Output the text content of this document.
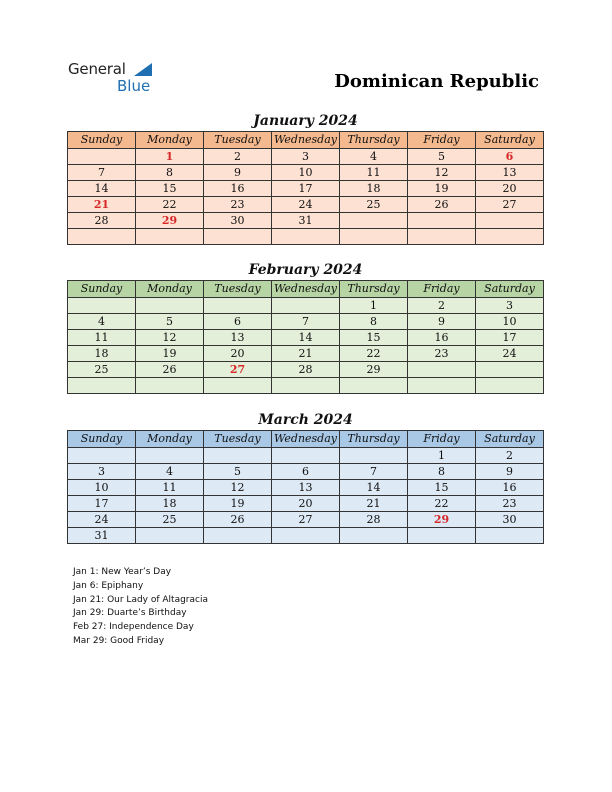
General
Blue	Dominican Republic
January 2024
Sunday	Monday	Tuesday	Wednesday	Thursday	Friday	Saturday
	1	2	3	4	5	6
7	8	9	10	11	12	13
14	15	16	17	18	19	20
21	22	23	24	25	26	27
28	29	30	31			

February 2024
Sunday	Monday	Tuesday	Wednesday	Thursday	Friday	Saturday
				1	2	3
4	5	6	7	8	9	10
11	12	13	14	15	16	17
18	19	20	21	22	23	24
25	26	27	28	29		

March 2024
Sunday	Monday	Tuesday	Wednesday	Thursday	Friday	Saturday
					1	2
3	4	5	6	7	8	9
10	11	12	13	14	15	16
17	18	19	20	21	22	23
24	25	26	27	28	29	30
31						
Jan 1: New Year’s Day
Jan 6: Epiphany
Jan 21: Our Lady of Altagracia
Jan 29: Duarte’s Birthday
Feb 27: Independence Day
Mar 29: Good Friday
